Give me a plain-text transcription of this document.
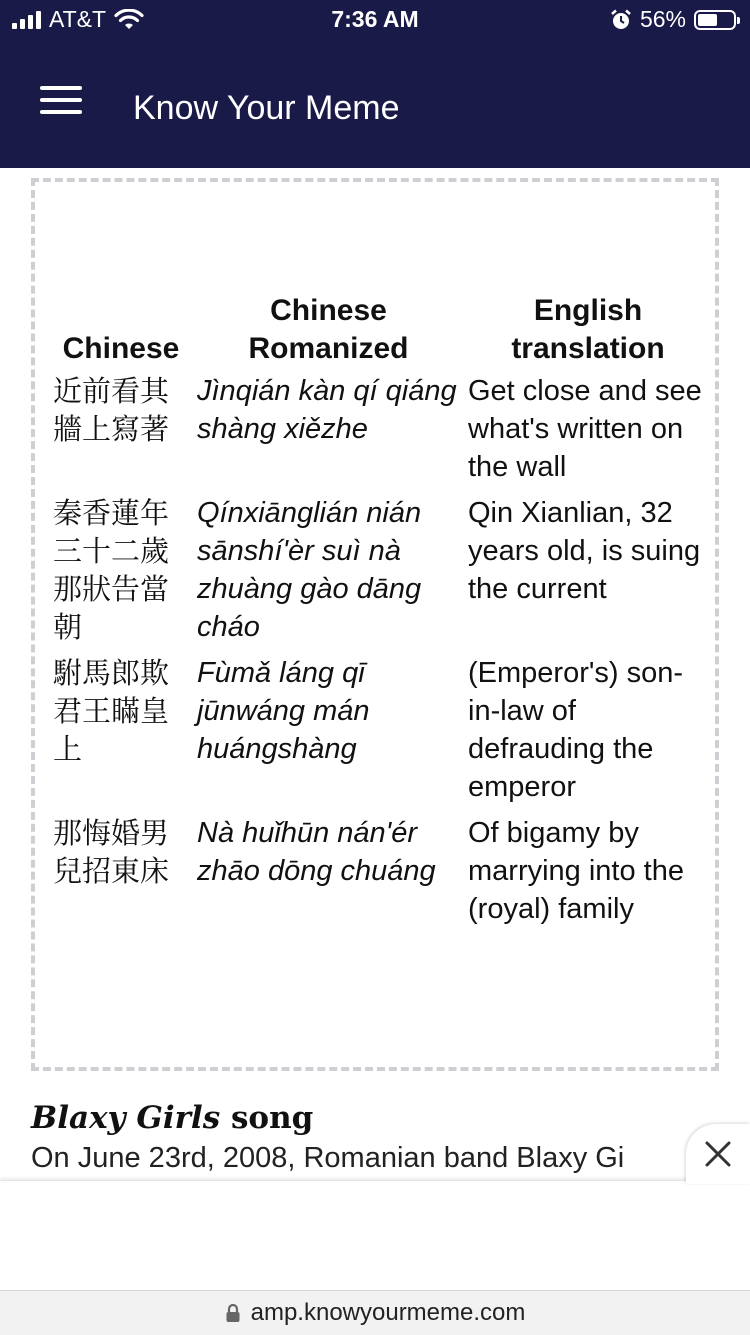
AT&T	7:36 AM	56%
Know Your Meme
Chinese	Chinese Romanized	English translation
近前看其牆上寫著	Jìnqián kàn qí qiáng shàng xiězhe	Get close and see what's written on the wall
秦香蓮年三十二歲那狀告當朝	Qínxiānglián nián sānshí'èr suì nà zhuàng gào dāng cháo	Qin Xianlian, 32 years old, is suing the current
駙馬郎欺君王瞞皇上	Fùmǎ láng qī jūnwáng mán huángshàng	(Emperor's) son-in-law of defrauding the emperor
那悔婚男兒招東床	Nà huǐhūn nán'ér zhāo dōng chuáng	Of bigamy by marrying into the (royal) family
Blaxy Girls song
On June 23rd, 2008, Romanian band Blaxy Gi
amp.knowyourmeme.com
